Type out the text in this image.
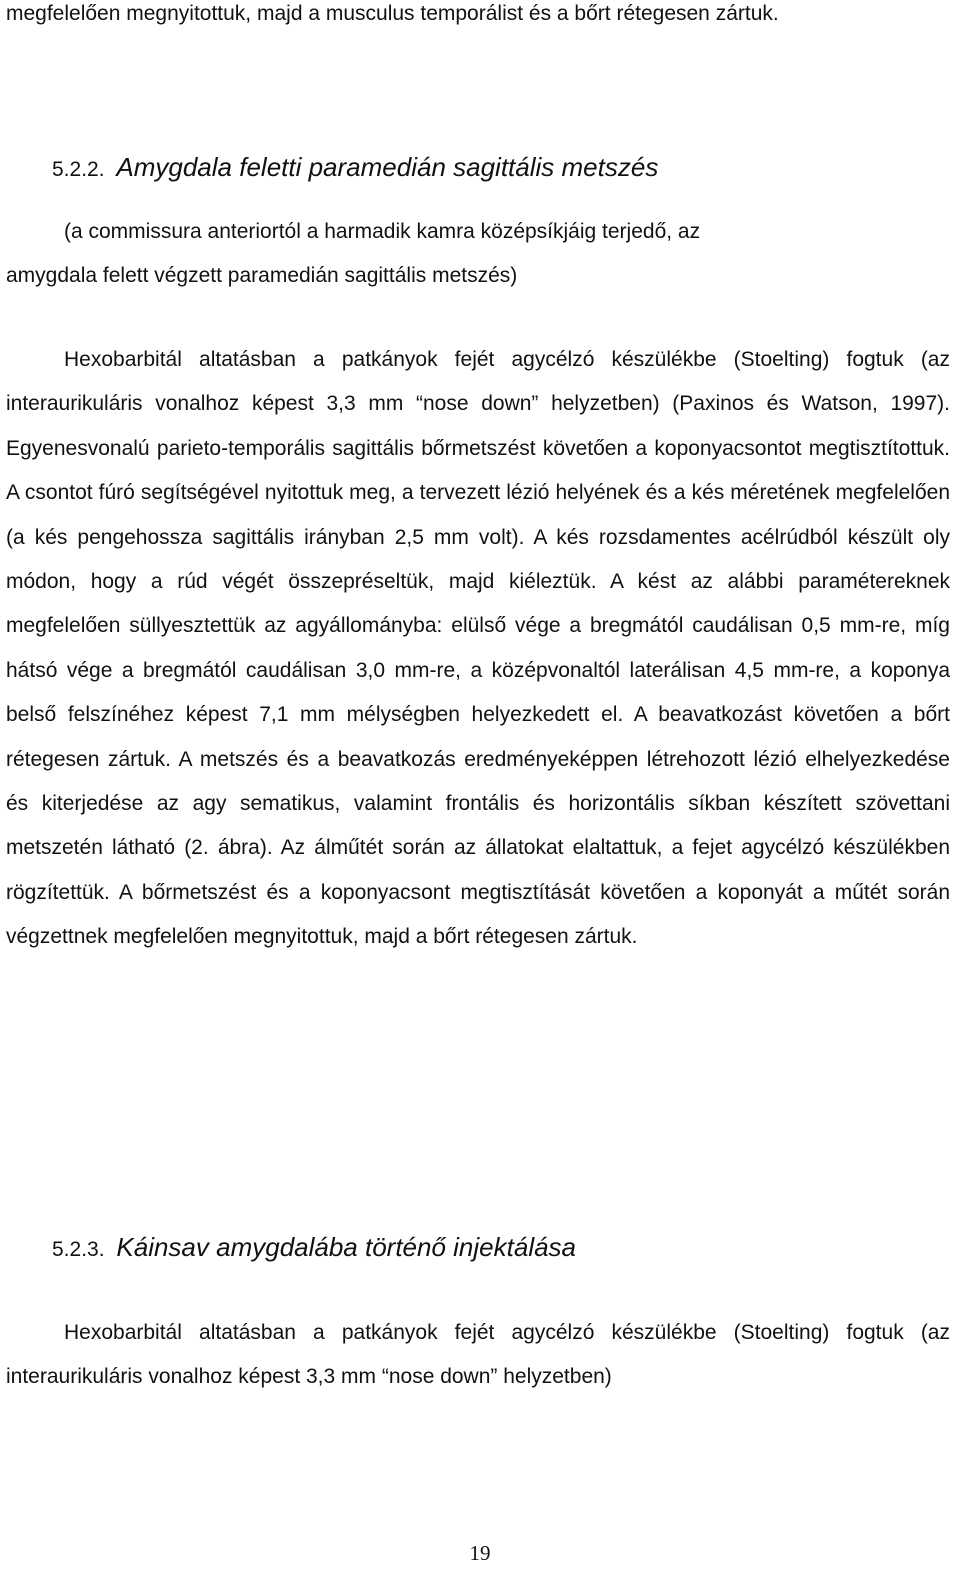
megfelelően megnyitottuk, majd a musculus temporálist és a bőrt rétegesen zártuk.

5.2.2. Amygdala feletti paramedián sagittális metszés

(a commissura anteriortól a harmadik kamra középsíkjáig terjedő, az
amygdala felett végzett paramedián sagittális metszés)

Hexobarbitál altatásban a patkányok fejét agycélzó készülékbe (Stoelting) fogtuk (az interaurikuláris vonalhoz képest 3,3 mm “nose down” helyzetben) (Paxinos és Watson, 1997). Egyenesvonalú parieto-temporális sagittális bőrmetszést követően a koponyacsontot megtisztítottuk. A csontot fúró segítségével nyitottuk meg, a tervezett lézió helyének és a kés méretének megfelelően (a kés pengehossza sagittális irányban 2,5 mm volt). A kés rozsdamentes acélrúdból készült oly módon, hogy a rúd végét összepréseltük, majd kiéleztük. A kést az alábbi paramétereknek megfelelően süllyesztettük az agyállományba: elülső vége a bregmától caudálisan 0,5 mm-re, míg hátsó vége a bregmától caudálisan 3,0 mm-re, a középvonaltól laterálisan 4,5 mm-re, a koponya belső felszínéhez képest 7,1 mm mélységben helyezkedett el. A beavatkozást követően a bőrt rétegesen zártuk. A metszés és a beavatkozás eredményeképpen létrehozott lézió elhelyezkedése és kiterjedése az agy sematikus, valamint frontális és horizontális síkban készített szövettani metszetén látható (2. ábra). Az álműtét során az állatokat elaltattuk, a fejet agycélzó készülékben rögzítettük. A bőrmetszést és a koponyacsont megtisztítását követően a koponyát a műtét során végzettnek megfelelően megnyitottuk, majd a bőrt rétegesen zártuk.

5.2.3. Káinsav amygdalába történő injektálása

Hexobarbitál altatásban a patkányok fejét agycélzó készülékbe (Stoelting) fogtuk (az interaurikuláris vonalhoz képest 3,3 mm “nose down” helyzetben)

19
